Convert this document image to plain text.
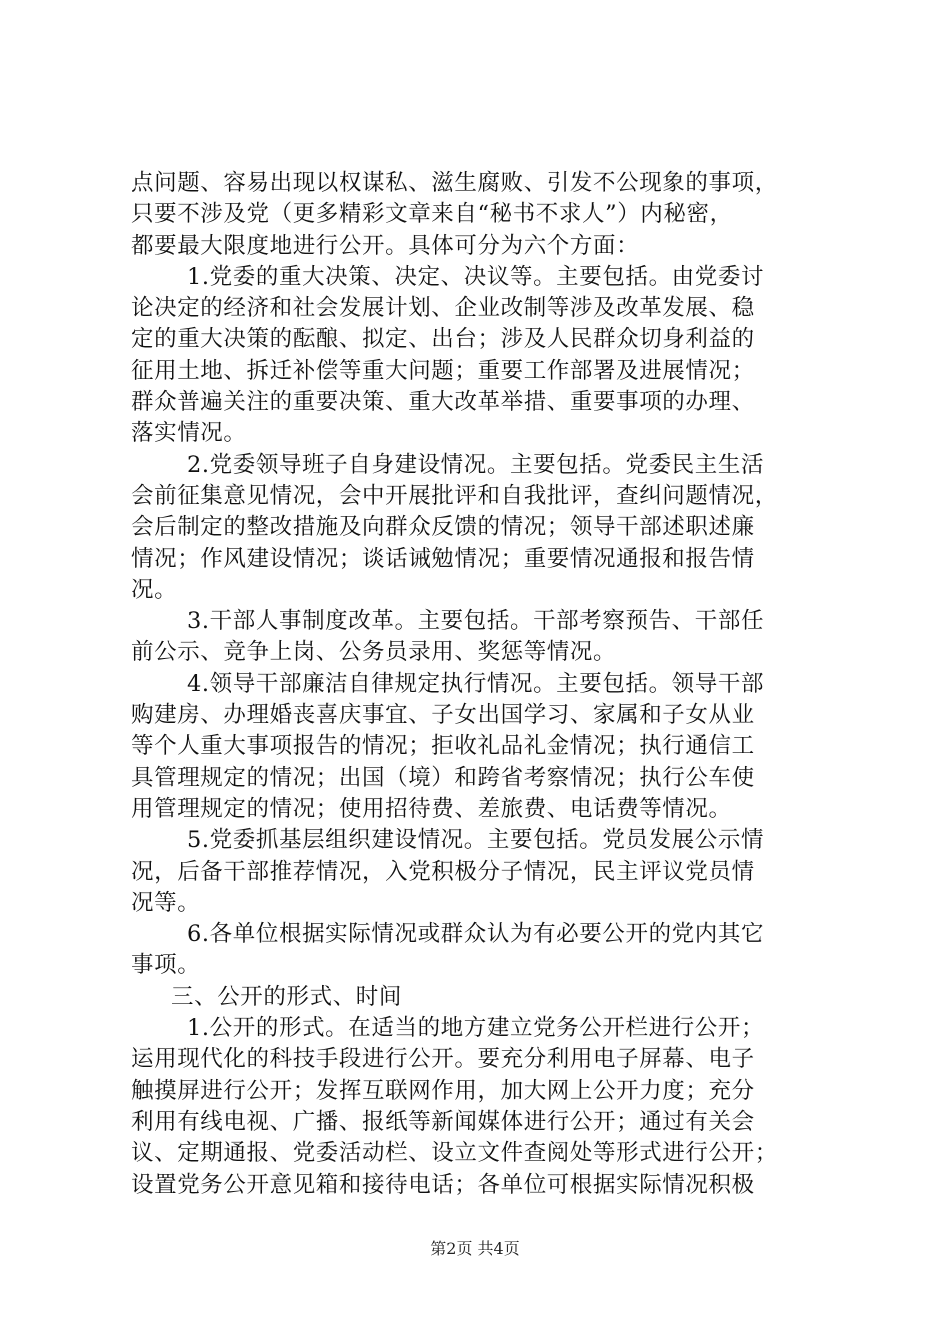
点问题、容易出现以权谋私、滋生腐败、引发不公现象的事项，
只要不涉及党（更多精彩文章来自“秘书不求人”）内秘密，
都要最大限度地进行公开。具体可分为六个方面：
1.党委的重大决策、决定、决议等。主要包括。由党委讨
论决定的经济和社会发展计划、企业改制等涉及改革发展、稳
定的重大决策的酝酿、拟定、出台；涉及人民群众切身利益的
征用土地、拆迁补偿等重大问题；重要工作部署及进展情况；
群众普遍关注的重要决策、重大改革举措、重要事项的办理、
落实情况。
2.党委领导班子自身建设情况。主要包括。党委民主生活
会前征集意见情况，会中开展批评和自我批评，查纠问题情况，
会后制定的整改措施及向群众反馈的情况；领导干部述职述廉
情况；作风建设情况；谈话诫勉情况；重要情况通报和报告情
况。
3.干部人事制度改革。主要包括。干部考察预告、干部任
前公示、竞争上岗、公务员录用、奖惩等情况。
4.领导干部廉洁自律规定执行情况。主要包括。领导干部
购建房、办理婚丧喜庆事宜、子女出国学习、家属和子女从业
等个人重大事项报告的情况；拒收礼品礼金情况；执行通信工
具管理规定的情况；出国（境）和跨省考察情况；执行公车使
用管理规定的情况；使用招待费、差旅费、电话费等情况。
5.党委抓基层组织建设情况。主要包括。党员发展公示情
况，后备干部推荐情况，入党积极分子情况，民主评议党员情
况等。
6.各单位根据实际情况或群众认为有必要公开的党内其它
事项。
三、公开的形式、时间
1.公开的形式。在适当的地方建立党务公开栏进行公开；
运用现代化的科技手段进行公开。要充分利用电子屏幕、电子
触摸屏进行公开；发挥互联网作用，加大网上公开力度；充分
利用有线电视、广播、报纸等新闻媒体进行公开；通过有关会
议、定期通报、党委活动栏、设立文件查阅处等形式进行公开；
设置党务公开意见箱和接待电话；各单位可根据实际情况积极
第2页 共4页
